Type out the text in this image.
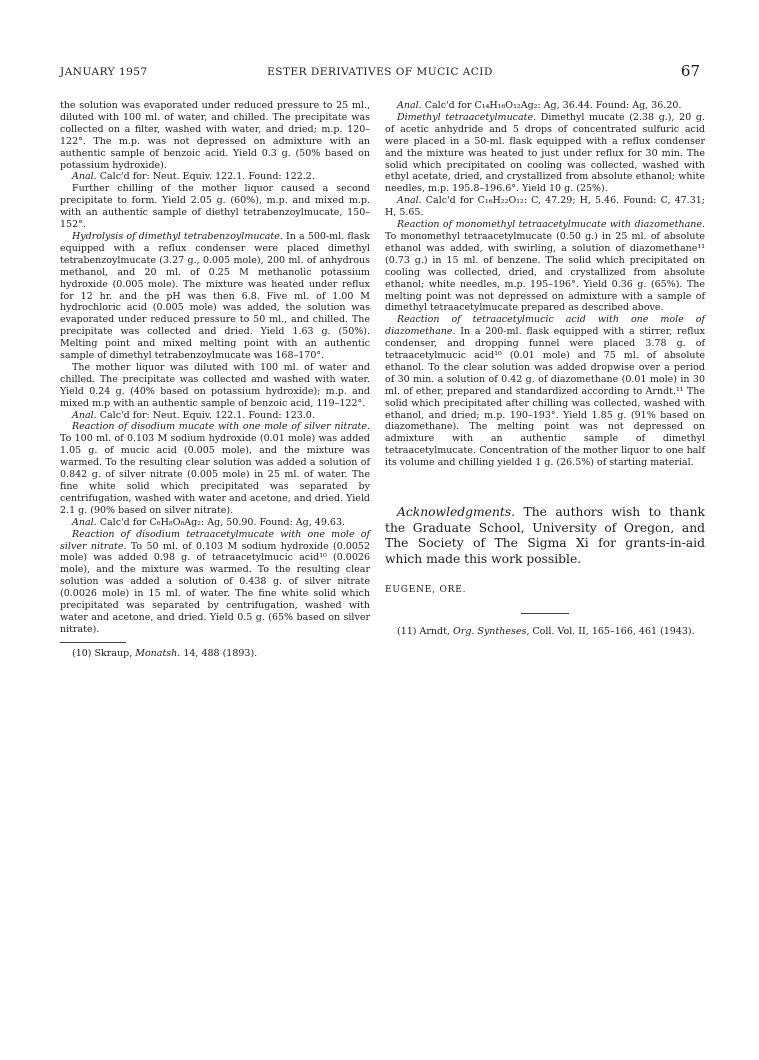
JANUARY 1957	ESTER DERIVATIVES OF MUCIC ACID	67

the solution was evaporated under reduced pressure to 25 ml., diluted with 100 ml. of water, and chilled. The precipitate was collected on a filter, washed with water, and dried; m.p. 120–122°. The m.p. was not depressed on admixture with an authentic sample of benzoic acid. Yield 0.3 g. (50% based on potassium hydroxide).

Anal. Calc'd for: Neut. Equiv. 122.1. Found: 122.2.

Further chilling of the mother liquor caused a second precipitate to form. Yield 2.05 g. (60%), m.p. and mixed m.p. with an authentic sample of diethyl tetrabenzoylmucate, 150–152°.

Hydrolysis of dimethyl tetrabenzoylmucate. In a 500-ml. flask equipped with a reflux condenser were placed dimethyl tetrabenzoylmucate (3.27 g., 0.005 mole), 200 ml. of anhydrous methanol, and 20 ml. of 0.25 M methanolic potassium hydroxide (0.005 mole). The mixture was heated under reflux for 12 hr. and the pH was then 6.8. Five ml. of 1.00 M hydrochloric acid (0.005 mole) was added, the solution was evaporated under reduced pressure to 50 ml., and chilled. The precipitate was collected and dried. Yield 1.63 g. (50%). Melting point and mixed melting point with an authentic sample of dimethyl tetrabenzoylmucate was 168–170°.

The mother liquor was diluted with 100 ml. of water and chilled. The precipitate was collected and washed with water. Yield 0.24 g. (40% based on potassium hydroxide); m.p. and mixed m.p with an authentic sample of benzoic acid, 119–122°.

Anal. Calc'd for: Neut. Equiv. 122.1. Found: 123.0.

Reaction of disodium mucate with one mole of silver nitrate. To 100 ml. of 0.103 M sodium hydroxide (0.01 mole) was added 1.05 g. of mucic acid (0.005 mole), and the mixture was warmed. To the resulting clear solution was added a solution of 0.842 g. of silver nitrate (0.005 mole) in 25 ml. of water. The fine white solid which precipitated was separated by centrifugation, washed with water and acetone, and dried. Yield 2.1 g. (90% based on silver nitrate).

Anal. Calc'd for C₆H₈O₈Ag₂: Ag, 50.90. Found: Ag, 49.63.

Reaction of disodium tetraacetylmucate with one mole of silver nitrate. To 50 ml. of 0.103 M sodium hydroxide (0.0052 mole) was added 0.98 g. of tetraacetylmucic acid¹⁰ (0.0026 mole), and the mixture was warmed. To the resulting clear solution was added a solution of 0.438 g. of silver nitrate (0.0026 mole) in 15 ml. of water. The fine white solid which precipitated was separated by centrifugation, washed with water and acetone, and dried. Yield 0.5 g. (65% based on silver nitrate).

(10) Skraup, Monatsh. 14, 488 (1893).

Anal. Calc'd for C₁₄H₁₆O₁₂Ag₂: Ag, 36.44. Found: Ag, 36.20.

Dimethyl tetraacetylmucate. Dimethyl mucate (2.38 g.), 20 g. of acetic anhydride and 5 drops of concentrated sulfuric acid were placed in a 50-ml. flask equipped with a reflux condenser and the mixture was heated to just under reflux for 30 min. The solid which precipitated on cooling was collected, washed with ethyl acetate, dried, and crystallized from absolute ethanol; white needles, m.p. 195.8–196.6°. Yield 10 g. (25%).

Anal. Calc'd for C₁₆H₂₂O₁₂: C, 47.29; H, 5.46. Found: C, 47.31; H, 5.65.

Reaction of monomethyl tetraacetylmucate with diazomethane. To monomethyl tetraacetylmucate (0.50 g.) in 25 ml. of absolute ethanol was added, with swirling, a solution of diazomethane¹¹ (0.73 g.) in 15 ml. of benzene. The solid which precipitated on cooling was collected, dried, and crystallized from absolute ethanol; white needles, m.p. 195–196°. Yield 0.36 g. (65%). The melting point was not depressed on admixture with a sample of dimethyl tetraacetylmucate prepared as described above.

Reaction of tetraacetylmucic acid with one mole of diazomethane. In a 200-ml. flask equipped with a stirrer, reflux condenser, and dropping funnel were placed 3.78 g. of tetraacetylmucic acid¹⁰ (0.01 mole) and 75 ml. of absolute ethanol. To the clear solution was added dropwise over a period of 30 min. a solution of 0.42 g. of diazomethane (0.01 mole) in 30 ml. of ether, prepared and standardized according to Arndt.¹¹ The solid which precipitated after chilling was collected, washed with ethanol, and dried; m.p. 190–193°. Yield 1.85 g. (91% based on diazomethane). The melting point was not depressed on admixture with an authentic sample of dimethyl tetraacetylmucate. Concentration of the mother liquor to one half its volume and chilling yielded 1 g. (26.5%) of starting material.

Acknowledgments. The authors wish to thank the Graduate School, University of Oregon, and The Society of The Sigma Xi for grants-in-aid which made this work possible.

EUGENE, ORE.

(11) Arndt, Org. Syntheses, Coll. Vol. II, 165–166, 461 (1943).
